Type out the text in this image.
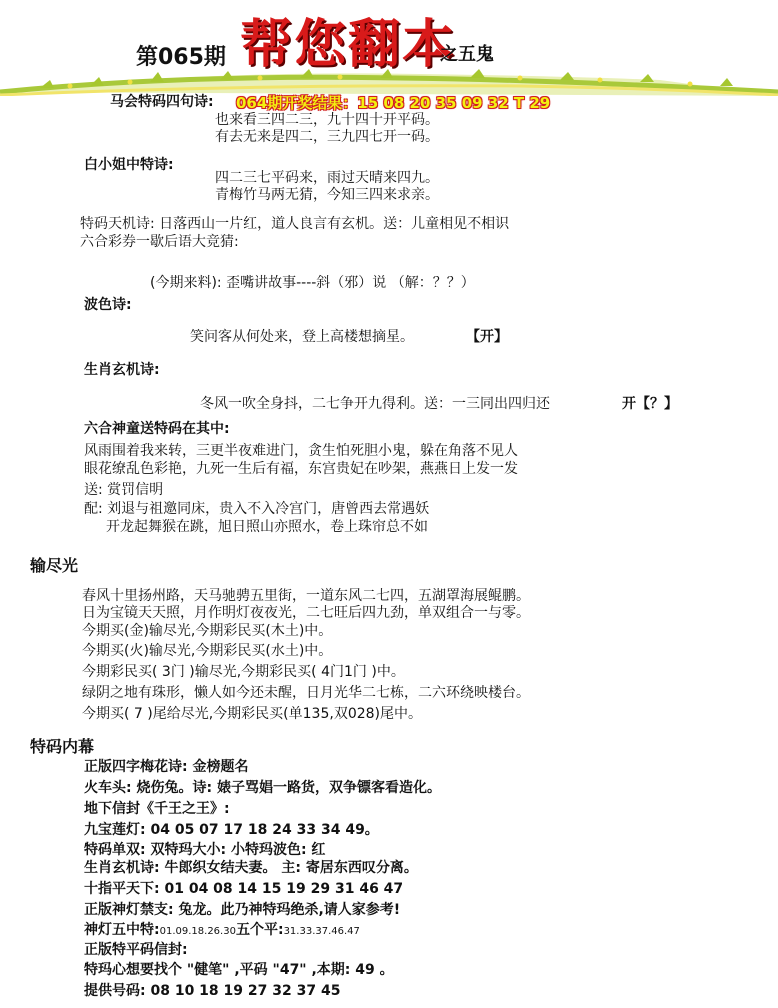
第065期 帮您翻本
之五鬼
马会特码四句诗: 064期开奖结果：15 08 20 35 09 32 T 29
也来看三四二三，九十四十开平码。
有去无来是四二，三九四七开一码。
白小姐中特诗:
四二三七平码来，雨过天晴来四九。
青梅竹马两无猜，今知三四来求亲。
特码天机诗: 日落西山一片红，道人良言有玄机。送：儿童相见不相识
六合彩券一歇后语大竞猜:
(今期来料): 歪嘴讲故事----斜（邪）说 （解：？？）
波色诗:
笑问客从何处来，登上高楼想摘星。	【开】
生肖玄机诗:
冬风一吹全身抖，二七争开九得利。送：一三同出四归还	开【？】
六合神童送特码在其中:
风雨围着我来转，三更半夜难进门，贪生怕死胆小鬼，躲在角落不见人
眼花缭乱色彩艳，九死一生后有福，东宫贵妃在吵架，燕燕日上发一发
送: 赏罚信明
配: 刘退与祖邀同床，贵入不入冷宫门，唐曾西去常遇妖
开龙起舞猴在跳，旭日照山亦照水，卷上珠帘总不如
输尽光
春风十里扬州路，天马驰骋五里街，一道东风二七四，五湖罩海展鲲鹏。
日为宝镜天天照，月作明灯夜夜光，二七旺后四九劲，单双组合一与零。
今期买(金)输尽光,今期彩民买(木土)中。
今期买(火)输尽光,今期彩民买(水土)中。
今期彩民买( 3门 )输尽光,今期彩民买( 4门1门 )中。
绿阴之地有珠形，懒人如今还未醒，日月光华二七栋，二六环绕映楼台。
今期买( 7 )尾给尽光,今期彩民买(单135,双028)尾中。
特码内幕
正版四字梅花诗: 金榜题名
火车头: 烧伤兔。诗: 婊子骂娼一路货，双争镖客看造化。
地下信封《千王之王》:
九宝莲灯: 04 05 07 17 18 24 33 34 49。
特码单双: 双特玛大小: 小特玛波色: 红
生肖玄机诗: 牛郎织女结夫妻。 主: 寄居东西叹分离。
十指平天下: 01 04 08 14 15 19 29 31 46 47
正版神灯禁支: 兔龙。此乃神特玛绝杀,请人家参考!
神灯五中特:01.09.18.26.30五个平:31.33.37.46.47
正版特平码信封:
特玛心想要找个 "健笔" ,平码 "47" ,本期: 49 。
提供号码: 08 10 18 19 27 32 37 45
